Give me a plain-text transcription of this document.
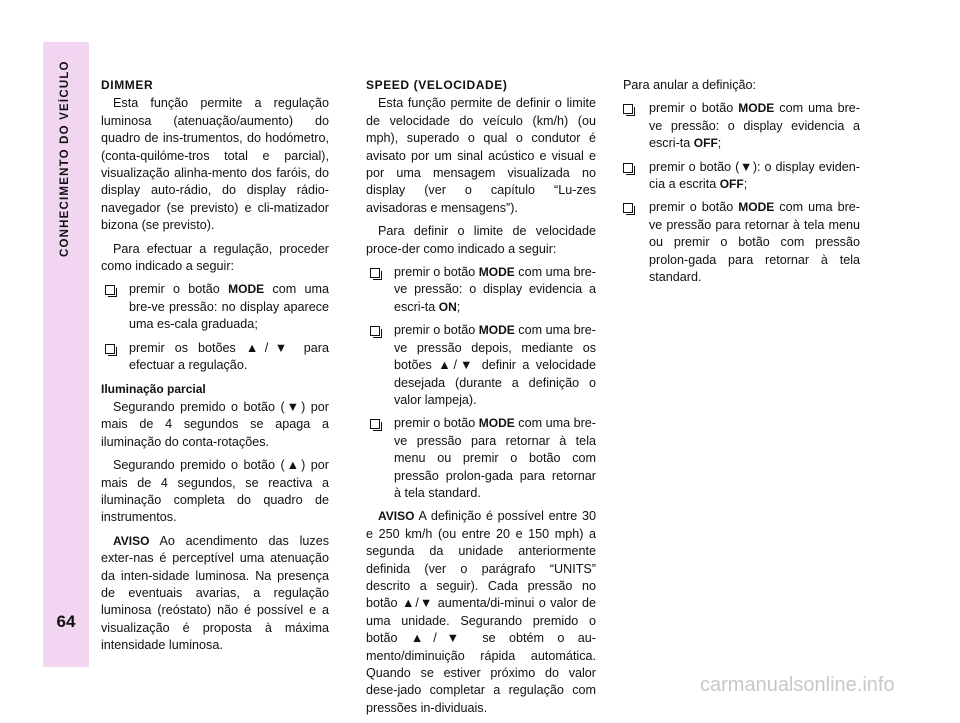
CONHECIMENTO DO VEÍCULO
64
DIMMER

Esta função permite a regulação luminosa (atenuação/aumento) do quadro de ins-trumentos, do hodómetro, (conta-quilóme-tros total e parcial), visualização alinha-mento dos faróis, do display auto-rádio, do display rádio-navegador (se previsto) e cli-matizador bizona (se previsto).

Para efectuar a regulação, proceder como indicado a seguir:

premir o botão MODE com uma bre-ve pressão: no display aparece uma es-cala graduada;
premir os botões ▲/▼ para efectuar a regulação.
Iluminação parcial

Segurando premido o botão (▼) por mais de 4 segundos se apaga a iluminação do conta-rotações.

Segurando premido o botão (▲) por mais de 4 segundos, se reactiva a iluminação completa do quadro de instrumentos.

AVISO Ao acendimento das luzes exter-nas é perceptível uma atenuação da inten-sidade luminosa. Na presença de eventuais avarias, a regulação luminosa (reóstato) não é possível e a visualização é proposta à máxima intensidade luminosa.

SPEED (VELOCIDADE)

Esta função permite de definir o limite de velocidade do veículo (km/h) (ou mph), superado o qual o condutor é avisato por um sinal acústico e visual e por uma mensagem visualizada no display (ver o capítulo “Lu-zes avisadoras e mensagens”).

Para definir o limite de velocidade proce-der como indicado a seguir:

premir o botão MODE com uma bre-ve pressão: o display evidencia a escri-ta ON;
premir o botão MODE com uma bre-ve pressão depois, mediante os botões ▲/▼ definir a velocidade desejada (durante a definição o valor lampeja).
premir o botão MODE com uma bre-ve pressão para retornar à tela menu ou premir o botão com pressão prolon-gada para retornar à tela standard.

AVISO A definição é possível entre 30 e 250 km/h (ou entre 20 e 150 mph) a segunda da unidade anteriormente definida (ver o parágrafo “UNITS” descrito a seguir). Cada pressão no botão ▲/▼ aumenta/di-minui o valor de uma unidade. Segurando premido o botão ▲/▼ se obtém o au-mento/diminuição rápida automática. Quando se estiver próximo do valor dese-jado completar a regulação com pressões in-dividuais.

Para anular a definição:

premir o botão MODE com uma bre-ve pressão: o display evidencia a escri-ta OFF;
premir o botão (▼): o display eviden-cia a escrita OFF;
premir o botão MODE com uma bre-ve pressão para retornar à tela menu ou premir o botão com pressão prolon-gada para retornar à tela standard.
carmanualsonline.info
